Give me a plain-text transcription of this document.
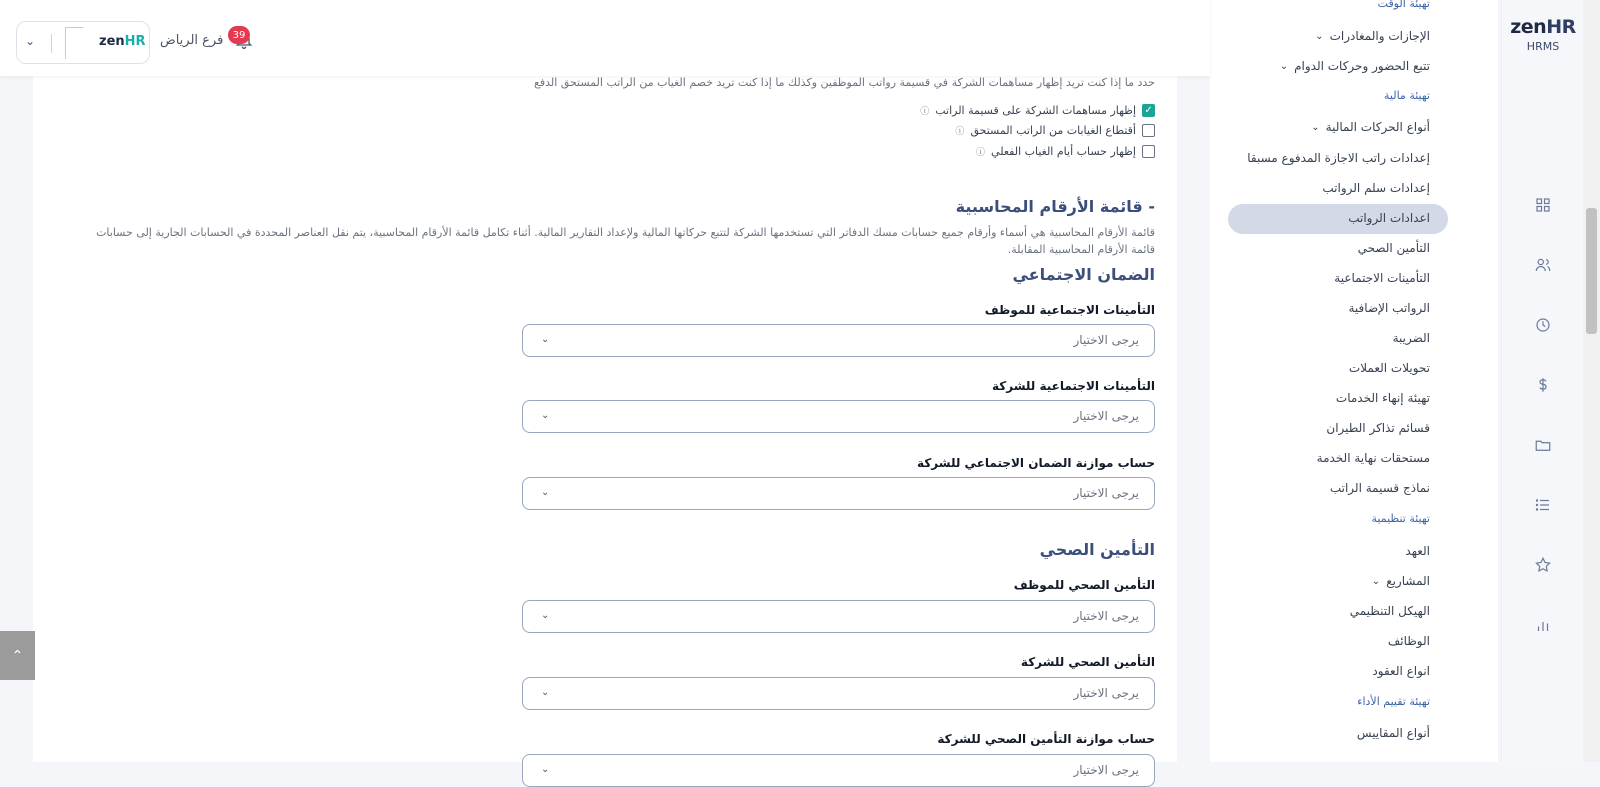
⌄	zenHR فرع الرياض 39
حدد ما إذا كنت تريد إظهار مساهمات الشركة في قسيمة رواتب الموظفين وكذلك ما إذا كنت تريد خصم الغياب من الراتب المستحق الدفع
✓
إظهار مساهمات الشركة على قسيمة الراتب
ⓘ
أقتطاع الغيابات من الراتب المستحق
ⓘ
إظهار حساب أيام الغياب الفعلي
ⓘ
- قائمة الأرقام المحاسبية
قائمة الأرقام المحاسبية هي أسماء وأرقام جميع حسابات مسك الدفاتر التي تستخدمها الشركة لتتبع حركاتها المالية ولإعداد التقارير المالية. أثناء تكامل قائمة الأرقام المحاسبية، يتم نقل العناصر المحددة في الحسابات الجارية إلى حسابات قائمة الأرقام المحاسبية المقابلة.
الضمان الاجتماعي
التأمينات الاجتماعية للموظف
يرجى الاختيار
⌄
التأمينات الاجتماعية للشركة
يرجى الاختيار
⌄
حساب موازنة الضمان الاجتماعي للشركة
يرجى الاختيار
⌄
التأمين الصحي
التأمين الصحي للموظف
يرجى الاختيار
⌄
التأمين الصحي للشركة
يرجى الاختيار
⌄
حساب موازنة التأمين الصحي للشركة
يرجى الاختيار
⌄
⌃
تهيئة الوقت
الإجازات والمغادرات
⌄
تتبع الحضور وحركات الدوام
⌄
تهيئة مالية
أنواع الحركات المالية
⌄
إعدادات راتب الاجازة المدفوع مسبقا
إعدادات سلم الرواتب
اعدادات الرواتب
التأمين الصحي
التأمينات الاجتماعية
الرواتب الإضافية
الضريبة
تحويلات العملات
تهيئة إنهاء الخدمات
قسائم تذاكر الطيران
مستحقات نهاية الخدمة
نماذج قسيمة الراتب
تهيئة تنظيمية
العهد
المشاريع
⌄
الهيكل التنظيمي
الوظائف
انواع العقود
تهيئة تقييم الأداء
أنواع المقاييس
zenHR
HRMS
